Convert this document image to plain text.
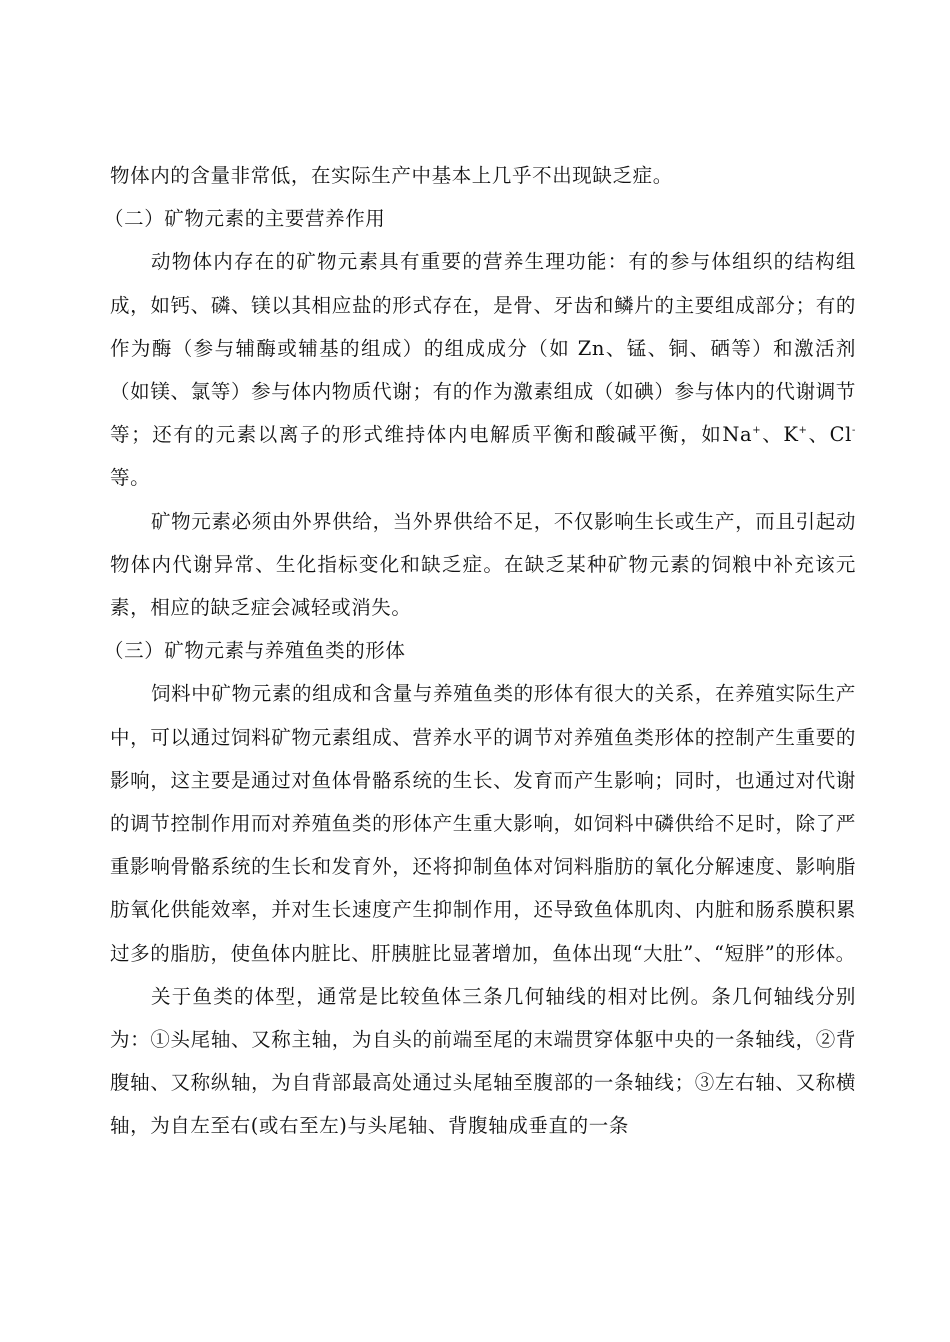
物体内的含量非常低，在实际生产中基本上几乎不出现缺乏症。

（二）矿物元素的主要营养作用

动物体内存在的矿物元素具有重要的营养生理功能：有的参与体组织的结构组成，如钙、磷、镁以其相应盐的形式存在，是骨、牙齿和鳞片的主要组成部分；有的作为酶（参与辅酶或辅基的组成）的组成成分（如 Zn、锰、铜、硒等）和激活剂（如镁、氯等）参与体内物质代谢；有的作为激素组成（如碘）参与体内的代谢调节等；还有的元素以离子的形式维持体内电解质平衡和酸碱平衡，如Na+、K+、Cl-等。

矿物元素必须由外界供给，当外界供给不足，不仅影响生长或生产，而且引起动物体内代谢异常、生化指标变化和缺乏症。在缺乏某种矿物元素的饲粮中补充该元素，相应的缺乏症会减轻或消失。

（三）矿物元素与养殖鱼类的形体

饲料中矿物元素的组成和含量与养殖鱼类的形体有很大的关系，在养殖实际生产中，可以通过饲料矿物元素组成、营养水平的调节对养殖鱼类形体的控制产生重要的影响，这主要是通过对鱼体骨骼系统的生长、发育而产生影响；同时，也通过对代谢的调节控制作用而对养殖鱼类的形体产生重大影响，如饲料中磷供给不足时，除了严重影响骨骼系统的生长和发育外，还将抑制鱼体对饲料脂肪的氧化分解速度、影响脂肪氧化供能效率，并对生长速度产生抑制作用，还导致鱼体肌肉、内脏和肠系膜积累过多的脂肪，使鱼体内脏比、肝胰脏比显著增加，鱼体出现“大肚”、“短胖”的形体。

关于鱼类的体型，通常是比较鱼体三条几何轴线的相对比例。条几何轴线分别为：①头尾轴、又称主轴，为自头的前端至尾的末端贯穿体躯中央的一条轴线，②背腹轴、又称纵轴，为自背部最高处通过头尾轴至腹部的一条轴线；③左右轴、又称横轴，为自左至右(或右至左)与头尾轴、背腹轴成垂直的一条
